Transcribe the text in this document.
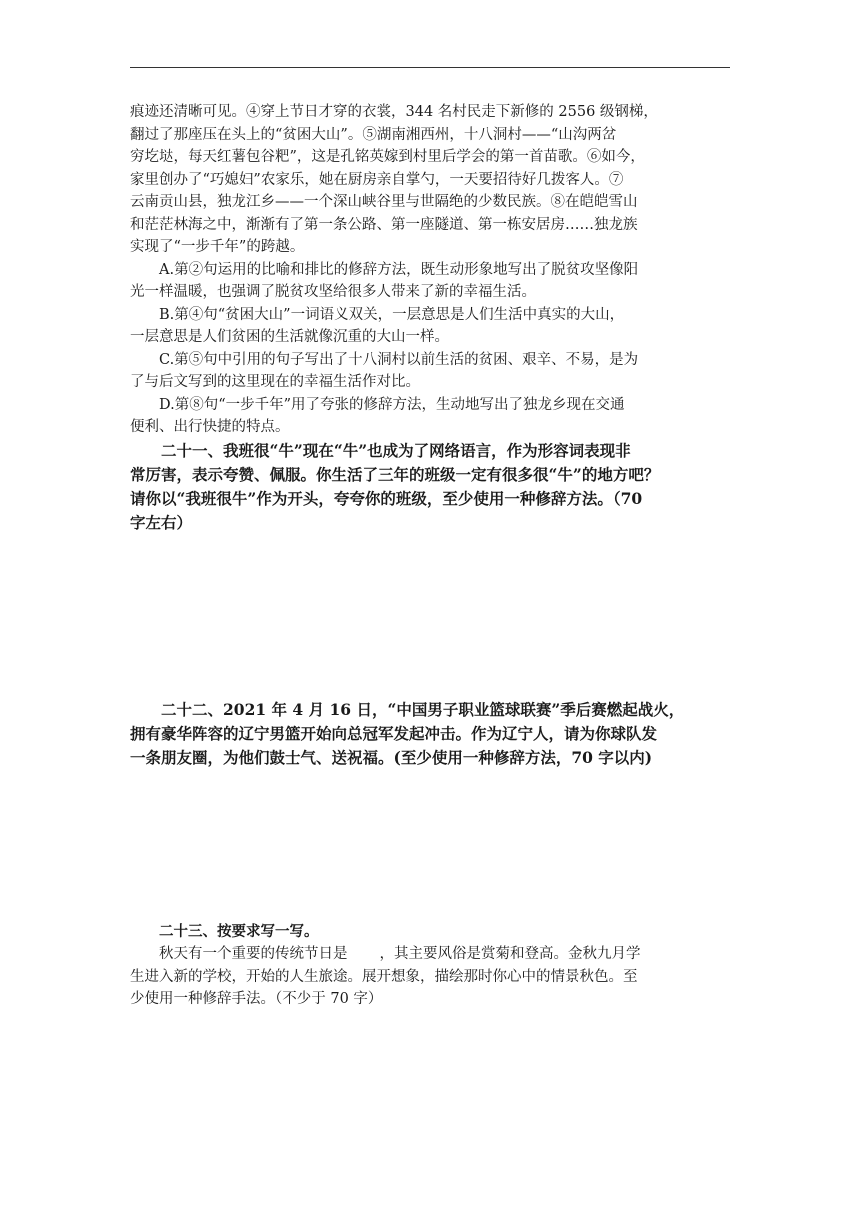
痕迹还清晰可见。④穿上节日才穿的衣裳，344 名村民走下新修的 2556 级钢梯，

翻过了那座压在头上的“贫困大山”。⑤湖南湘西州，十八洞村——“山沟两岔

穷圪垯，每天红薯包谷粑”，这是孔铭英嫁到村里后学会的第一首苗歌。⑥如今，

家里创办了“巧媳妇”农家乐，她在厨房亲自掌勺，一天要招待好几拨客人。⑦

云南贡山县，独龙江乡——一个深山峡谷里与世隔绝的少数民族。⑧在皑皑雪山

和茫茫林海之中，渐渐有了第一条公路、第一座隧道、第一栋安居房……独龙族

实现了“一步千年”的跨越。

A.第②句运用的比喻和排比的修辞方法，既生动形象地写出了脱贫攻坚像阳

光一样温暖，也强调了脱贫攻坚给很多人带来了新的幸福生活。

B.第④句“贫困大山”一词语义双关，一层意思是人们生活中真实的大山，

一层意思是人们贫困的生活就像沉重的大山一样。

C.第⑤句中引用的句子写出了十八洞村以前生活的贫困、艰辛、不易，是为

了与后文写到的这里现在的幸福生活作对比。

D.第⑧句“一步千年”用了夸张的修辞方法，生动地写出了独龙乡现在交通

便利、出行快捷的特点。

二十一、我班很“牛”现在“牛”也成为了网络语言，作为形容词表现非

常厉害，表示夸赞、佩服。你生活了三年的班级一定有很多很“牛”的地方吧？

请你以“我班很牛”作为开头，夸夸你的班级，至少使用一种修辞方法。（70

字左右）

二十二、2021 年 4 月 16 日，“中国男子职业篮球联赛”季后赛燃起战火，

拥有豪华阵容的辽宁男篮开始向总冠军发起冲击。作为辽宁人，请为你球队发

一条朋友圈，为他们鼓士气、送祝福。(至少使用一种修辞方法，70 字以内)

二十三、按要求写一写。

秋天有一个重要的传统节日是 ，其主要风俗是赏菊和登高。金秋九月学

生进入新的学校，开始的人生旅途。展开想象，描绘那时你心中的情景秋色。至

少使用一种修辞手法。（不少于 70 字）
